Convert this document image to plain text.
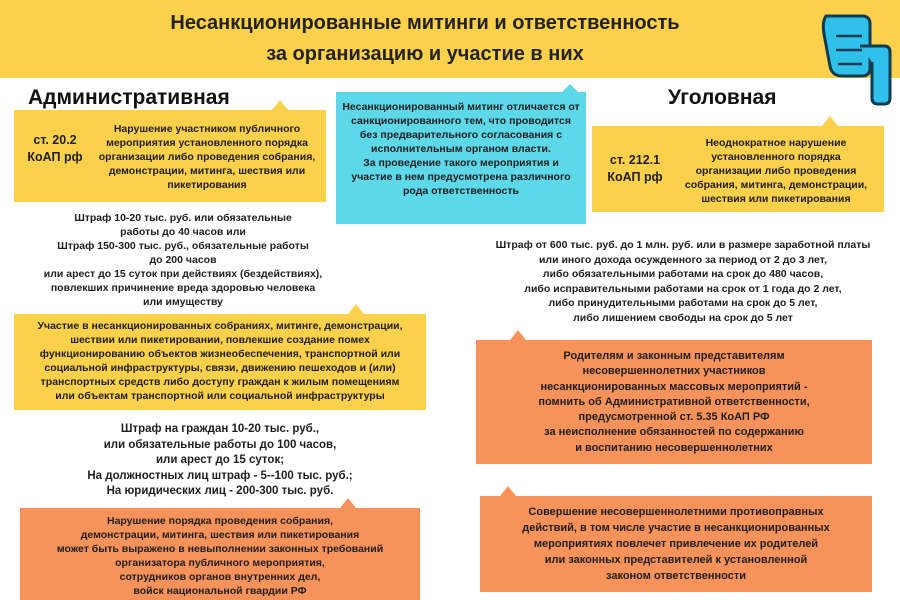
Несанкционированные митинги и ответственность
за организацию и участие в них
Административная	Уголовная
ст. 20.2
КоАП рф
Нарушение участником публичного мероприятия установленного порядка организации либо проведения собрания, демонстрации, митинга, шествия или пикетирования
Несанкционированный митинг отличается от санкционированного тем, что проводится без предварительного согласования с исполнительным органом власти.
За проведение такого мероприятия и участие в нем предусмотрена различного рода ответственность
ст. 212.1
КоАП рф
Неоднократное нарушение установленного порядка организации либо проведения собрания, митинга, демонстрации, шествия или пикетирования
Штраф 10-20 тыс. руб. или обязательные
работы до 40 часов или
Штраф 150-300 тыс. руб., обязательные работы
до 200 часов
или арест до 15 суток при действиях (бездействиях),
повлекших причинение вреда здоровью человека
или имуществу
Участие в несанкционированных собраниях, митинге, демонстрации,
шествии или пикетировании, повлекшие создание помех
функционированию объектов жизнеобеспечения, транспортной или
социальной инфраструктуры, связи, движению пешеходов и (или)
транспортных средств либо доступу граждан к жилым помещениям
или объектам транспортной или социальной инфраструктуры
Штраф на граждан 10-20 тыс. руб.,
или обязательные работы до 100 часов,
или арест до 15 суток;
На должностных лиц штраф - 5--100 тыс. руб.;
На юридических лиц - 200-300 тыс. руб.
Нарушение порядка проведения собрания,
демонстрации, митинга, шествия или пикетирования
может быть выражено в невыполнении законных требований
организатора публичного мероприятия,
сотрудников органов внутренних дел,
войск национальной гвардии РФ
Штраф от 600 тыс. руб. до 1 млн. руб. или в размере заработной платы
или иного дохода осужденного за период от 2 до 3 лет,
либо обязательными работами на срок до 480 часов,
либо исправительными работами на срок от 1 года до 2 лет,
либо принудительными работами на срок до 5 лет,
либо лишением свободы на срок до 5 лет
Родителям и законным представителям
несовершеннолетних участников
несанкционированных массовых мероприятий -
помнить об Административной ответственности,
предусмотренной ст. 5.35 КоАП РФ
за неисполнение обязанностей по содержанию
и воспитанию несовершеннолетних
Совершение несовершеннолетними противоправных
действий, в том числе участие в несанкционированных
мероприятиях повлечет привлечение их родителей
или законных представителей к установленной
законом ответственности
